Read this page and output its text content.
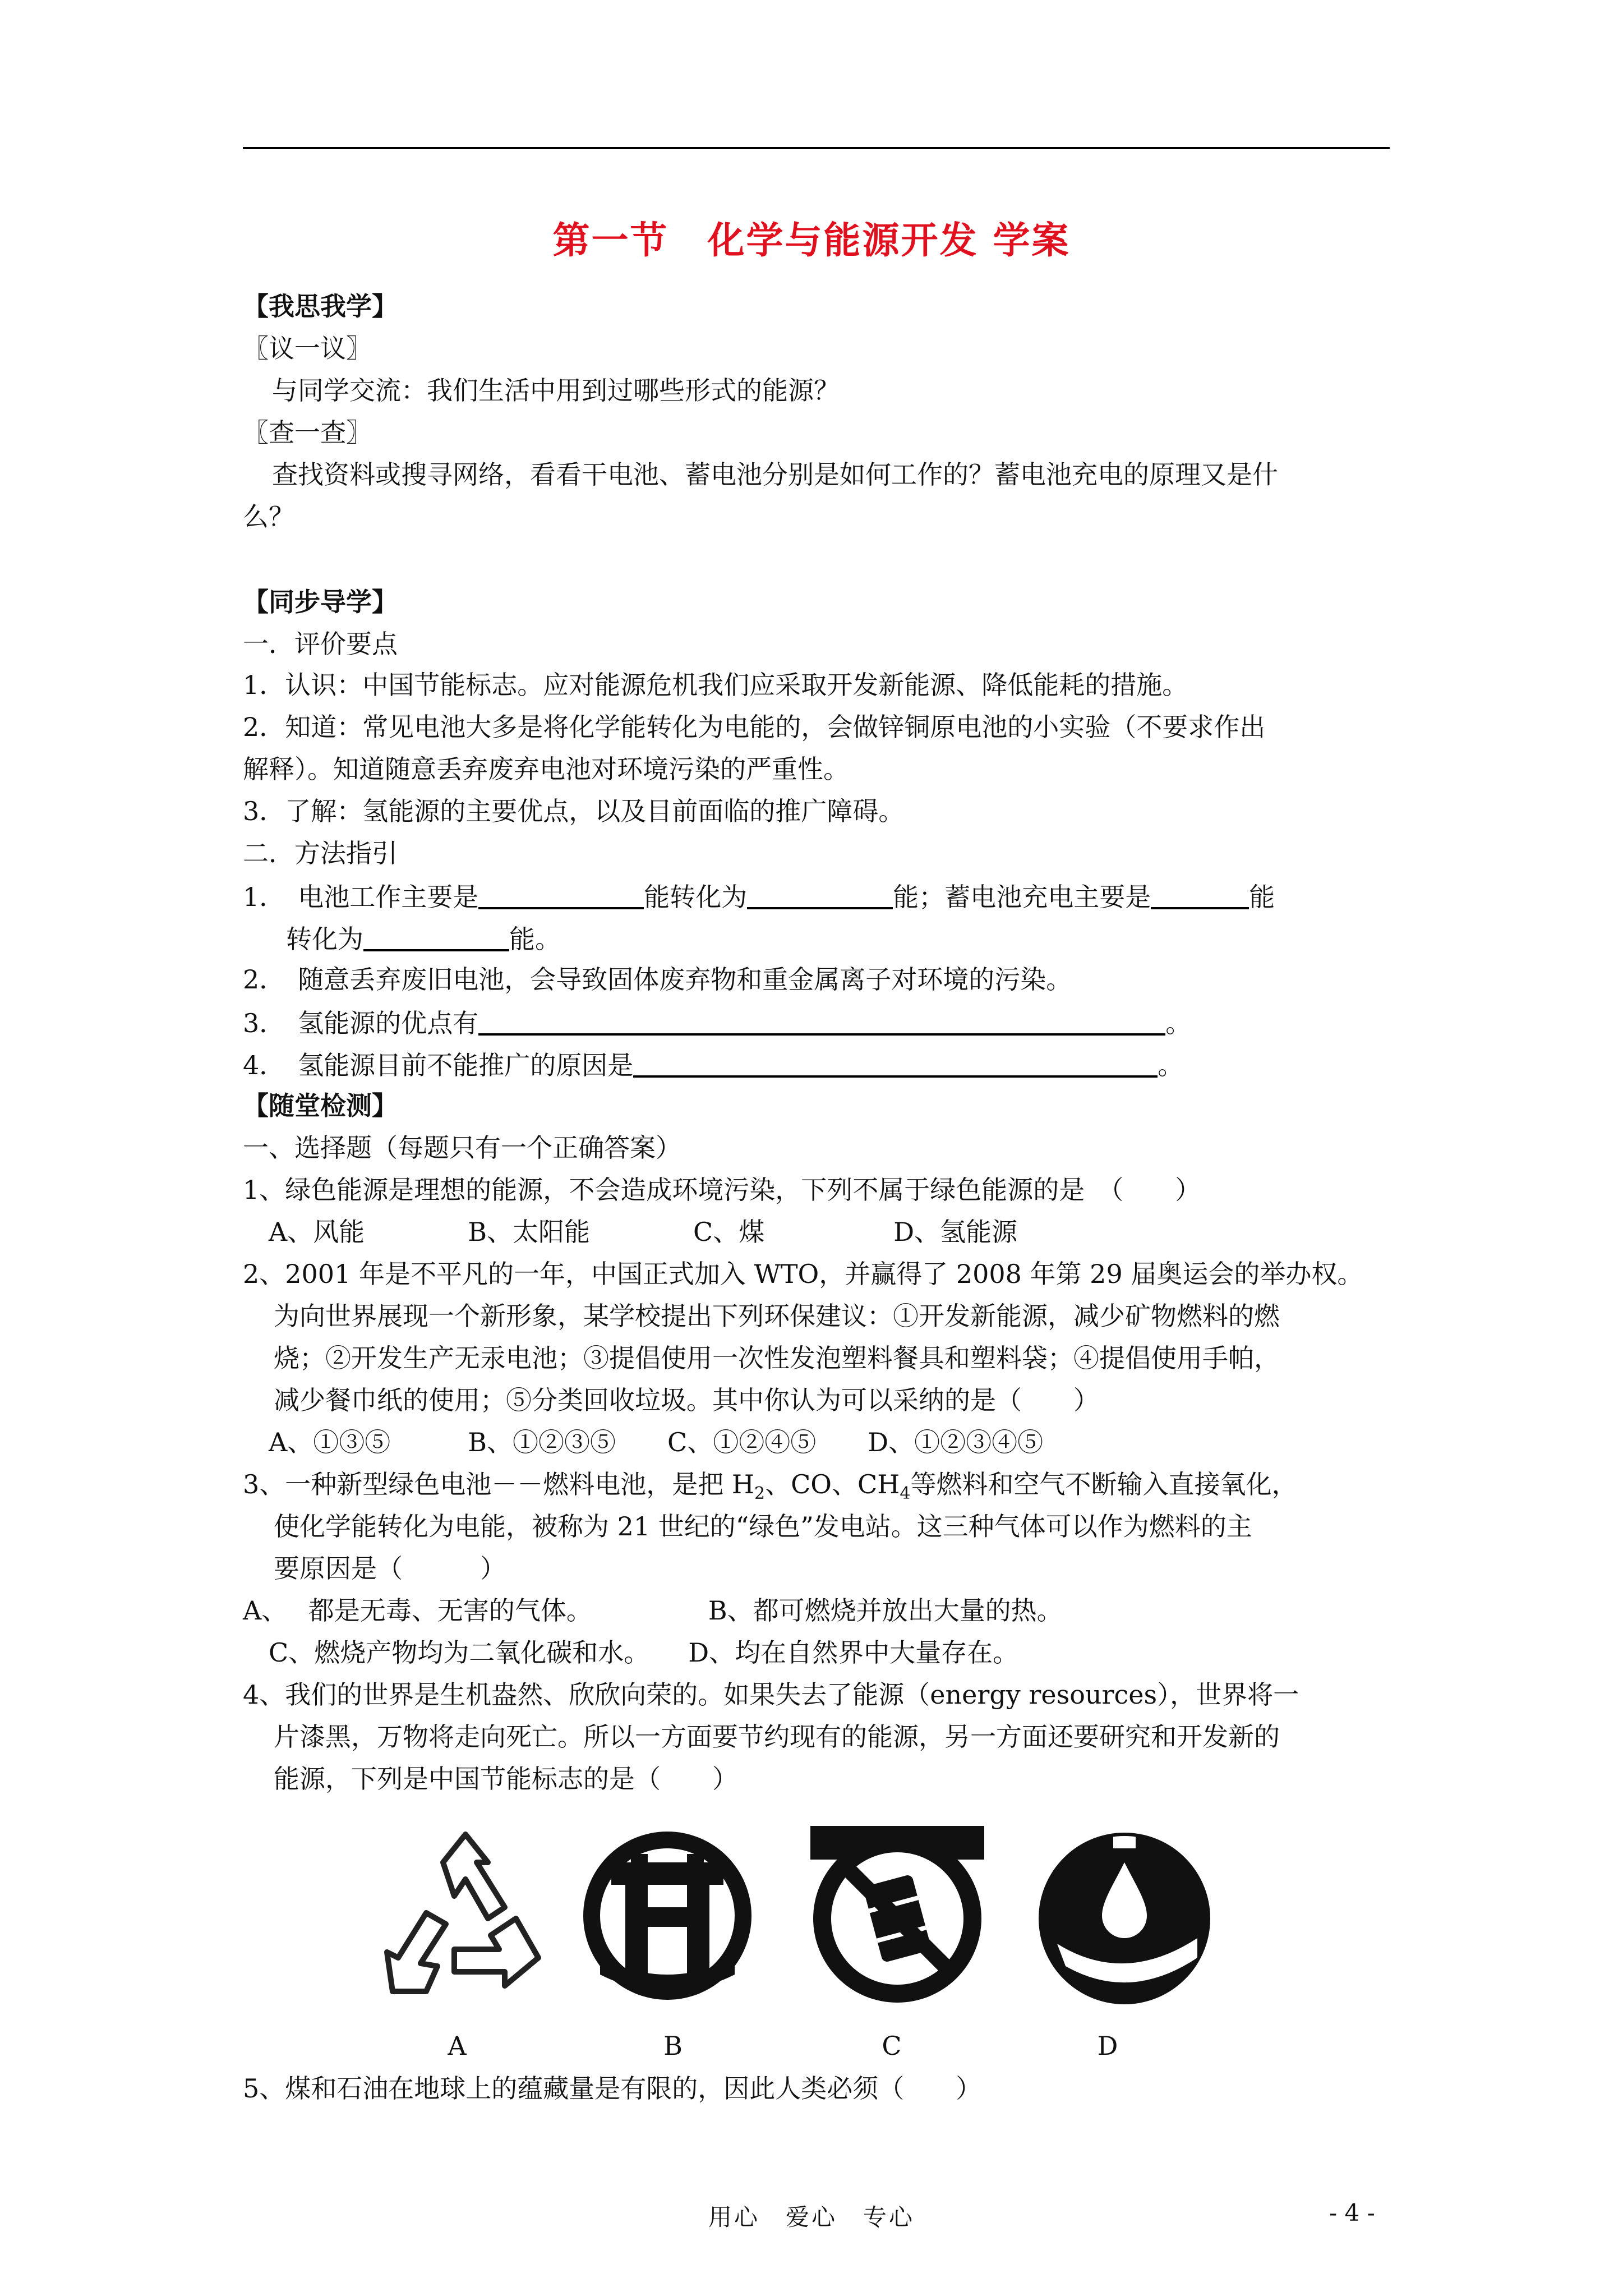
第一节　化学与能源开发 学案
【我思我学】
〖议一议〗
与同学交流：我们生活中用到过哪些形式的能源？
〖查一查〗
查找资料或搜寻网络，看看干电池、蓄电池分别是如何工作的？蓄电池充电的原理又是什
么？
【同步导学】
一．评价要点
1．认识：中国节能标志。应对能源危机我们应采取开发新能源、降低能耗的措施。
2．知道：常见电池大多是将化学能转化为电能的，会做锌铜原电池的小实验（不要求作出
解释）。知道随意丢弃废弃电池对环境污染的严重性。
3．了解：氢能源的主要优点，以及目前面临的推广障碍。
二．方法指引
1．　电池工作主要是	能转化为	能；蓄电池充电主要是	能
转化为	能。
2．　随意丢弃废旧电池，会导致固体废弃物和重金属离子对环境的污染。
3．　氢能源的优点有	。
4．　氢能源目前不能推广的原因是	。
【随堂检测】
一、选择题（每题只有一个正确答案）
1、绿色能源是理想的能源，不会造成环境污染，下列不属于绿色能源的是　（　　）
　A、风能　　　　B、太阳能　　　　C、煤　　　　　D、氢能源
2、2001 年是不平凡的一年，中国正式加入 WTO，并赢得了 2008 年第 29 届奥运会的举办权。
为向世界展现一个新形象，某学校提出下列环保建议：①开发新能源，减少矿物燃料的燃
烧；②开发生产无汞电池；③提倡使用一次性发泡塑料餐具和塑料袋；④提倡使用手帕，
减少餐巾纸的使用；⑤分类回收垃圾。其中你认为可以采纳的是（　　）
　A、①③⑤　　　B、①②③⑤　　C、①②④⑤　　D、①②③④⑤
3、一种新型绿色电池－－燃料电池，是把 $H_2$、CO、$CH_4$等燃料和空气不断输入直接氧化，
使化学能转化为电能，被称为 21 世纪的“绿色”发电站。这三种气体可以作为燃料的主
要原因是（　　　）
A、　 都是无毒、无害的气体。　　　　　B、都可燃烧并放出大量的热。
　C、燃烧产物均为二氧化碳和水。　　D、均在自然界中大量存在。
4、我们的世界是生机盎然、欣欣向荣的。如果失去了能源（energy resources），世界将一
片漆黑，万物将走向死亡。所以一方面要节约现有的能源，另一方面还要研究和开发新的
能源，下列是中国节能标志的是（　　）
A	B	C	D
5、煤和石油在地球上的蕴藏量是有限的，因此人类必须（　　）
用心　爱心　专心	- 4 -
